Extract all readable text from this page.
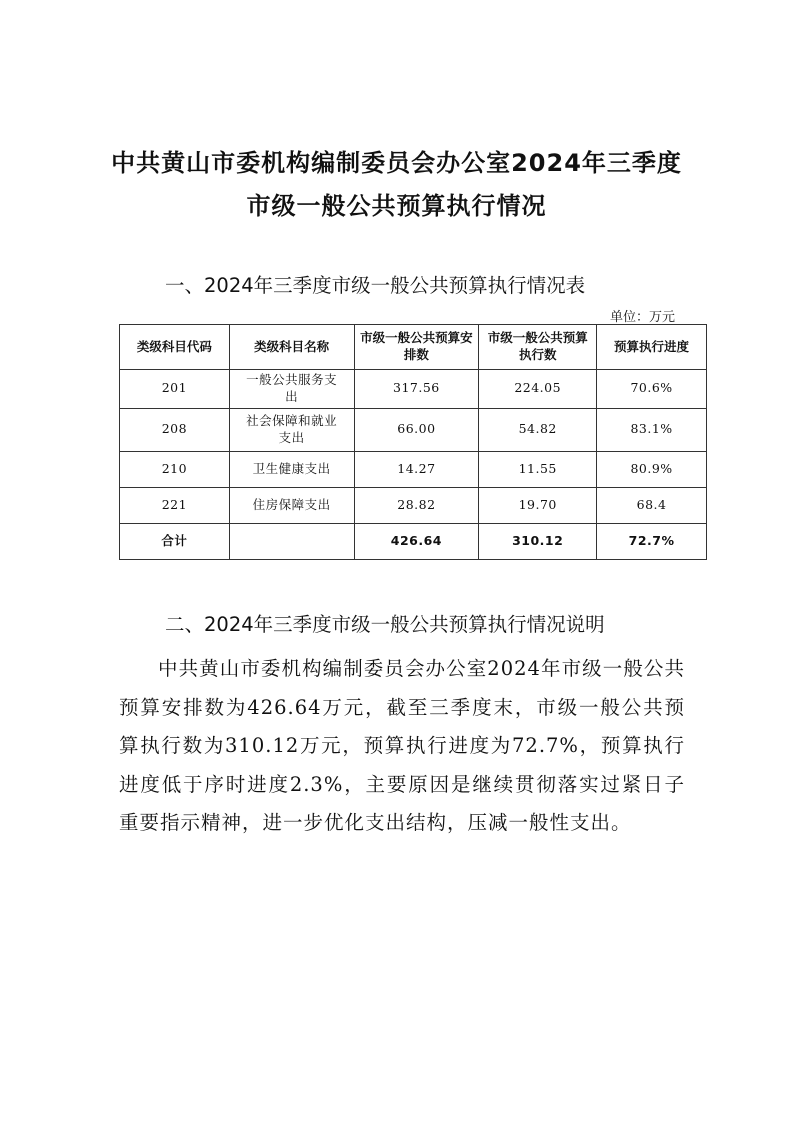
中共黄山市委机构编制委员会办公室2024年三季度
市级一般公共预算执行情况
一、2024年三季度市级一般公共预算执行情况表
单位：万元
类级科目代码	类级科目名称	市级一般公共预算安排数	市级一般公共预算执行数	预算执行进度
201	一般公共服务支出	317.56	224.05	70.6%
208	社会保障和就业支出	66.00	54.82	83.1%
210	卫生健康支出	14.27	11.55	80.9%
221	住房保障支出	28.82	19.70	68.4
合计		426.64	310.12	72.7%
二、2024年三季度市级一般公共预算执行情况说明

中共黄山市委机构编制委员会办公室2024年市级一般公共预算安排数为426.64万元，截至三季度末，市级一般公共预算执行数为310.12万元，预算执行进度为72.7%，预算执行进度低于序时进度2.3%，主要原因是继续贯彻落实过紧日子重要指示精神，进一步优化支出结构，压减一般性支出。
